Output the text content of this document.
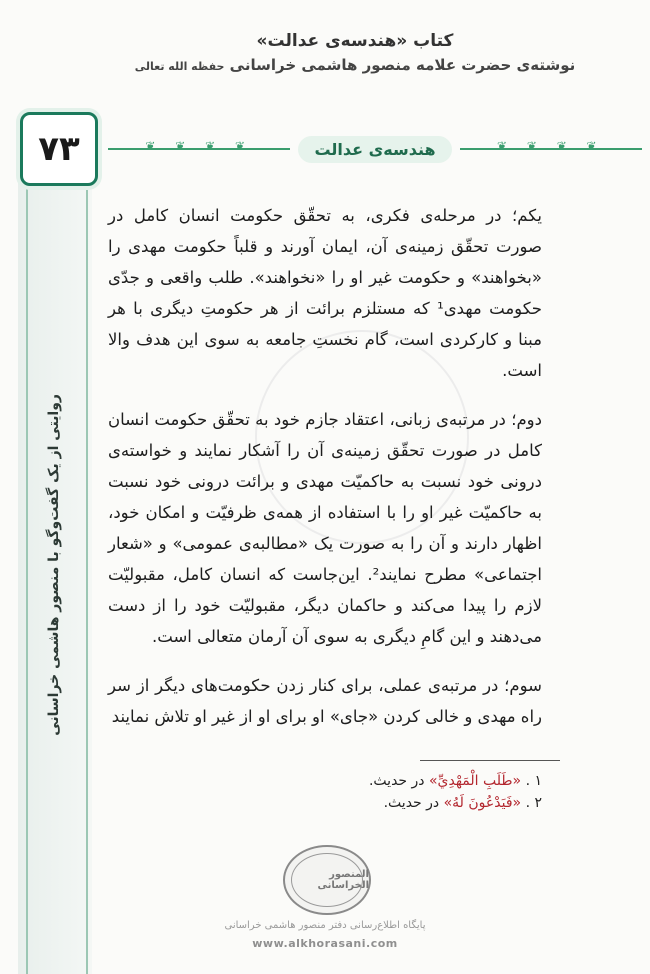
کتاب «هندسه‌ی عدالت»
نوشته‌ی حضرت علامه منصور هاشمی خراسانی حفظه الله تعالی
۷۳
روایتی از یک گفت‌وگو با منصور هاشمی خراسانی
❦ ❦ ❦ ❦
هندسه‌ی عدالت
❦ ❦ ❦ ❦

یکم؛ در مرحله‌ی فکری، به تحقّق حکومت انسان کامل در صورت تحقّق زمینه‌ی آن، ایمان آورند و قلباً حکومت مهدی را «بخواهند» و حکومت غیر او را «نخواهند». طلب واقعی و جدّی حکومت مهدی¹ که مستلزم برائت از هر حکومتِ دیگری با هر مبنا و کارکردی است، گام نخستِ جامعه به سوی این هدف والا است.

دوم؛ در مرتبه‌ی زبانی، اعتقاد جازم خود به تحقّق حکومت انسان کامل در صورت تحقّق زمینه‌ی آن را آشکار نمایند و خواسته‌ی درونی خود نسبت به حاکمیّت مهدی و برائت درونی خود نسبت به حاکمیّت غیر او را با استفاده از همه‌ی ظرفیّت و امکان خود، اظهار دارند و آن را به صورت یک «مطالبه‌ی عمومی» و «شعار اجتماعی» مطرح نمایند². این‌جاست که انسان کامل، مقبولیّت لازم را پیدا می‌کند و حاکمان دیگر، مقبولیّت خود را از دست می‌دهند و این گامِ دیگری به سوی آن آرمان متعالی است.

سوم؛ در مرتبه‌ی عملی، برای کنار زدن حکومت‌های دیگر از سر راه مهدی و خالی کردن «جای» او برای او از غیر او تلاش نمایند

۱ . «طَلَبِ الْمَهْدِيِّ» در حدیث.
۲ . «فَيَدْعُونَ لَهُ» در حدیث.
المنصور الخراسانی
پایگاه اطلاع‌رسانی دفتر منصور هاشمی خراسانی
www.alkhorasani.com
